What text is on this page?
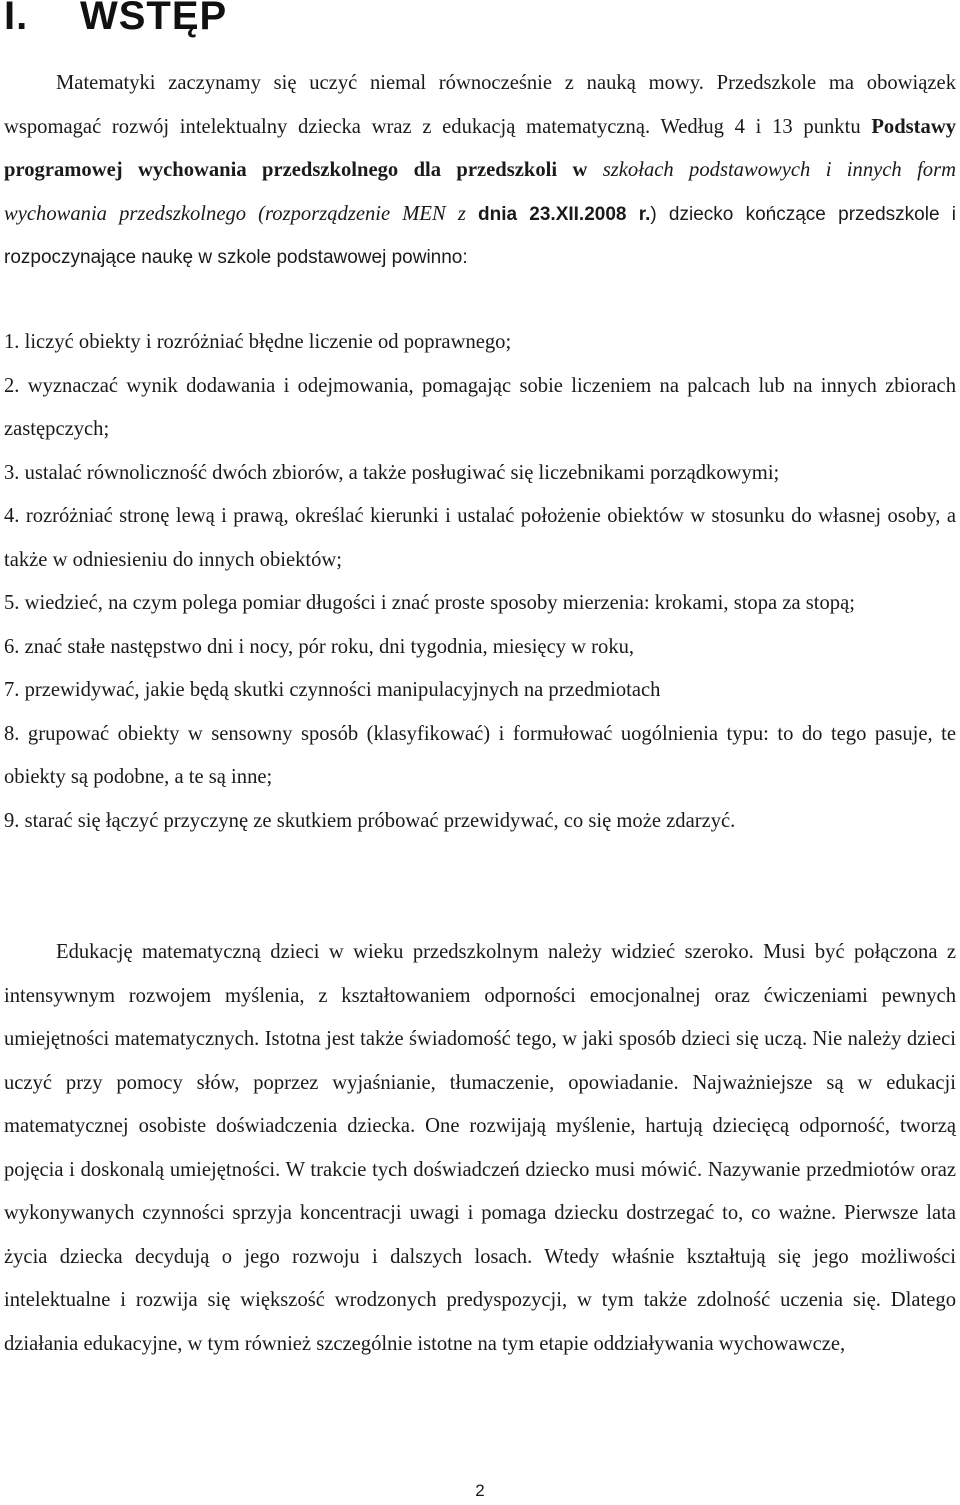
I. WSTĘP

Matematyki zaczynamy się uczyć niemal równocześnie z nauką mowy. Przedszkole ma obowiązek wspomagać rozwój intelektualny dziecka wraz z edukacją matematyczną. Według 4 i 13 punktu Podstawy programowej wychowania przedszkolnego dla przedszkoli w szkołach podstawowych i innych form wychowania przedszkolnego (rozporządzenie MEN z dnia 23.XII.2008 r.) dziecko kończące przedszkole i rozpoczynające naukę w szkole podstawowej powinno:

1. liczyć obiekty i rozróżniać błędne liczenie od poprawnego;
2. wyznaczać wynik dodawania i odejmowania, pomagając sobie liczeniem na palcach lub na innych zbiorach zastępczych;
3. ustalać równoliczność dwóch zbiorów, a także posługiwać się liczebnikami porządkowymi;
4. rozróżniać stronę lewą i prawą, określać kierunki i ustalać położenie obiektów w stosunku do własnej osoby, a także w odniesieniu do innych obiektów;
5. wiedzieć, na czym polega pomiar długości i znać proste sposoby mierzenia: krokami, stopa za stopą;
6. znać stałe następstwo dni i nocy, pór roku, dni tygodnia, miesięcy w roku,
7. przewidywać, jakie będą skutki czynności manipulacyjnych na przedmiotach
8. grupować obiekty w sensowny sposób (klasyfikować) i formułować uogólnienia typu: to do tego pasuje, te obiekty są podobne, a te są inne;
9. starać się łączyć przyczynę ze skutkiem próbować przewidywać, co się może zdarzyć.

Edukację matematyczną dzieci w wieku przedszkolnym należy widzieć szeroko. Musi być połączona z intensywnym rozwojem myślenia, z kształtowaniem odporności emocjonalnej oraz ćwiczeniami pewnych umiejętności matematycznych. Istotna jest także świadomość tego, w jaki sposób dzieci się uczą. Nie należy dzieci uczyć przy pomocy słów, poprzez wyjaśnianie, tłumaczenie, opowiadanie. Najważniejsze są w edukacji matematycznej osobiste doświadczenia dziecka. One rozwijają myślenie, hartują dziecięcą odporność, tworzą pojęcia i doskonalą umiejętności. W trakcie tych doświadczeń dziecko musi mówić. Nazywanie przedmiotów oraz wykonywanych czynności sprzyja koncentracji uwagi i pomaga dziecku dostrzegać to, co ważne. Pierwsze lata życia dziecka decydują o jego rozwoju i dalszych losach. Wtedy właśnie kształtują się jego możliwości intelektualne i rozwija się większość wrodzonych predyspozycji, w tym także zdolność uczenia się. Dlatego działania edukacyjne, w tym również szczególnie istotne na tym etapie oddziaływania wychowawcze,

2
